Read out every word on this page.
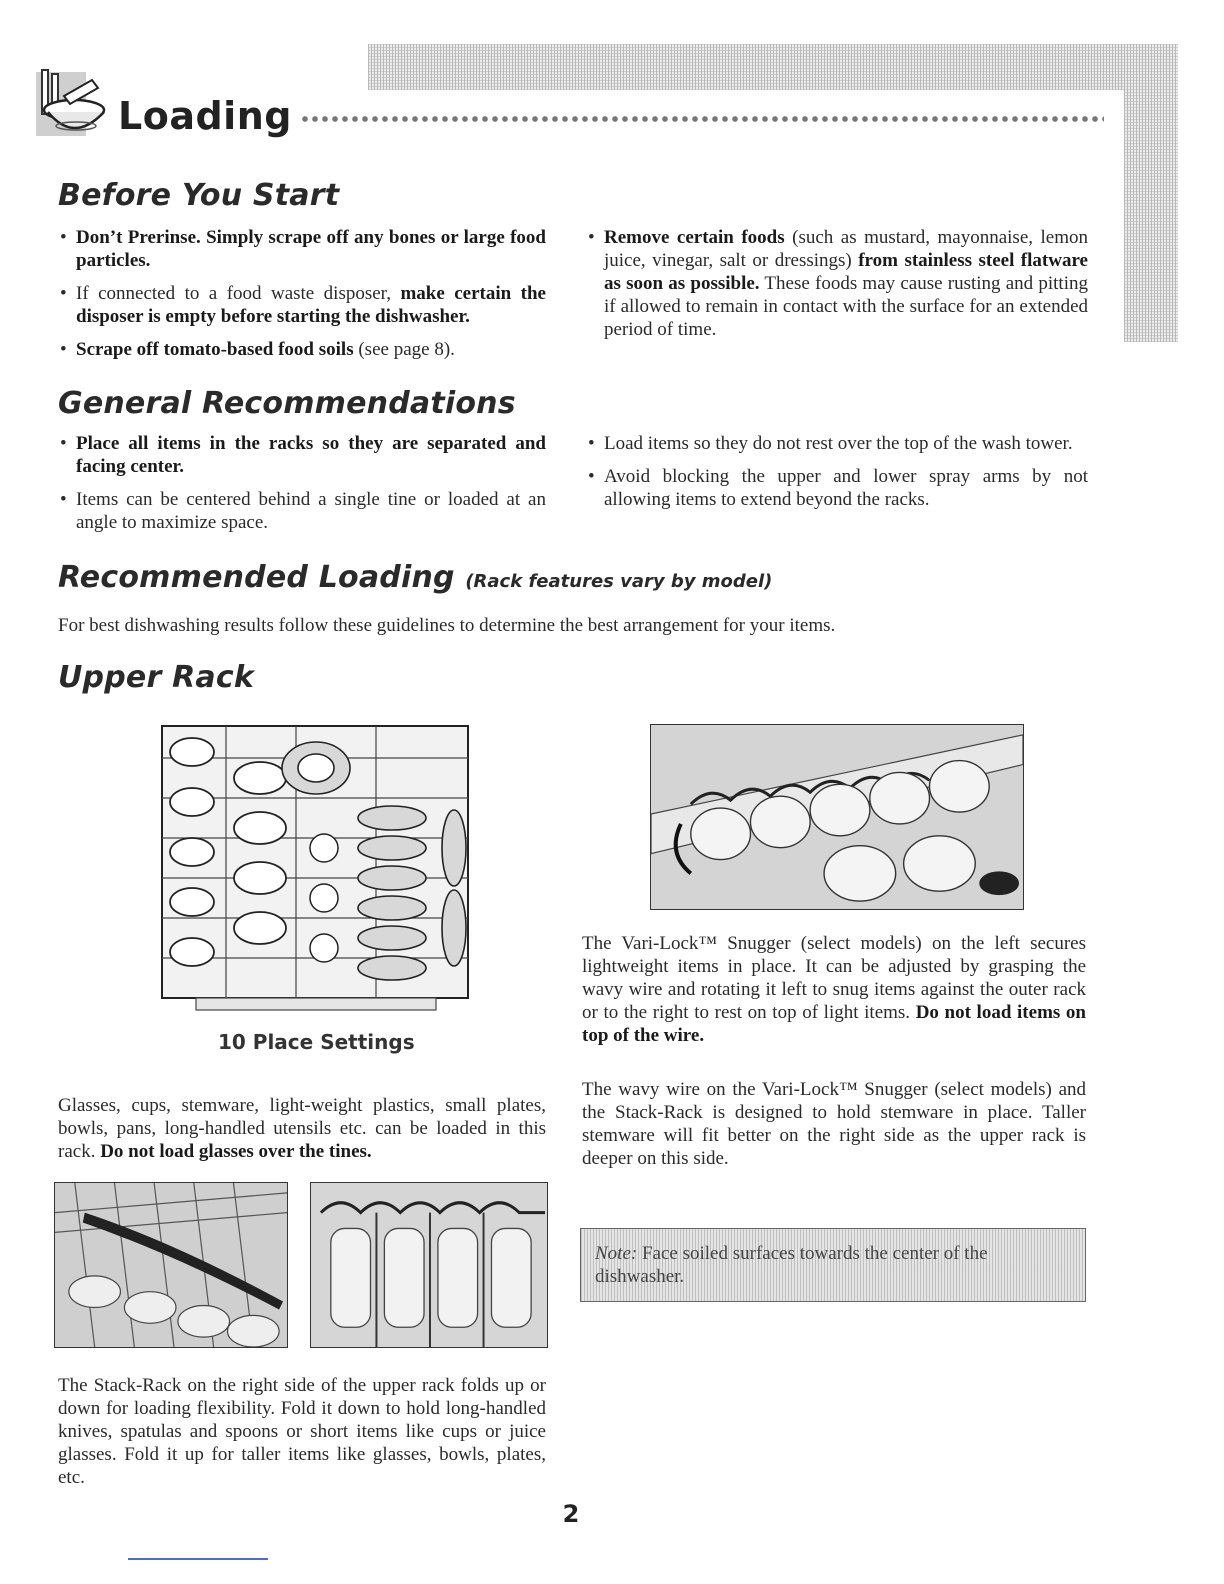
Loading
Before You Start
• Don’t Prerinse. Simply scrape off any bones or large food particles.
• If connected to a food waste disposer, make certain the disposer is empty before starting the dishwasher.
• Scrape off tomato-based food soils (see page 8).
• Remove certain foods (such as mustard, mayonnaise, lemon juice, vinegar, salt or dressings) from stainless steel flatware as soon as possible. These foods may cause rusting and pitting if allowed to remain in contact with the surface for an extended period of time.
General Recommendations
• Place all items in the racks so they are separated and facing center.
• Items can be centered behind a single tine or loaded at an angle to maximize space.
• Load items so they do not rest over the top of the wash tower.
• Avoid blocking the upper and lower spray arms by not allowing items to extend beyond the racks.
Recommended Loading (Rack features vary by model)
For best dishwashing results follow these guidelines to determine the best arrangement for your items.
Upper Rack
10 Place Settings
Glasses, cups, stemware, light-weight plastics, small plates, bowls, pans, long-handled utensils etc. can be loaded in this rack. Do not load glasses over the tines.
The Stack-Rack on the right side of the upper rack folds up or down for loading flexibility. Fold it down to hold long-handled knives, spatulas and spoons or short items like cups or juice glasses. Fold it up for taller items like glasses, bowls, plates, etc.
The Vari-Lock™ Snugger (select models) on the left secures lightweight items in place. It can be adjusted by grasping the wavy wire and rotating it left to snug items against the outer rack or to the right to rest on top of light items. Do not load items on top of the wire.
The wavy wire on the Vari-Lock™ Snugger (select models) and the Stack-Rack is designed to hold stemware in place. Taller stemware will fit better on the right side as the upper rack is deeper on this side.
Note: Face soiled surfaces towards the center of the dishwasher.
2
